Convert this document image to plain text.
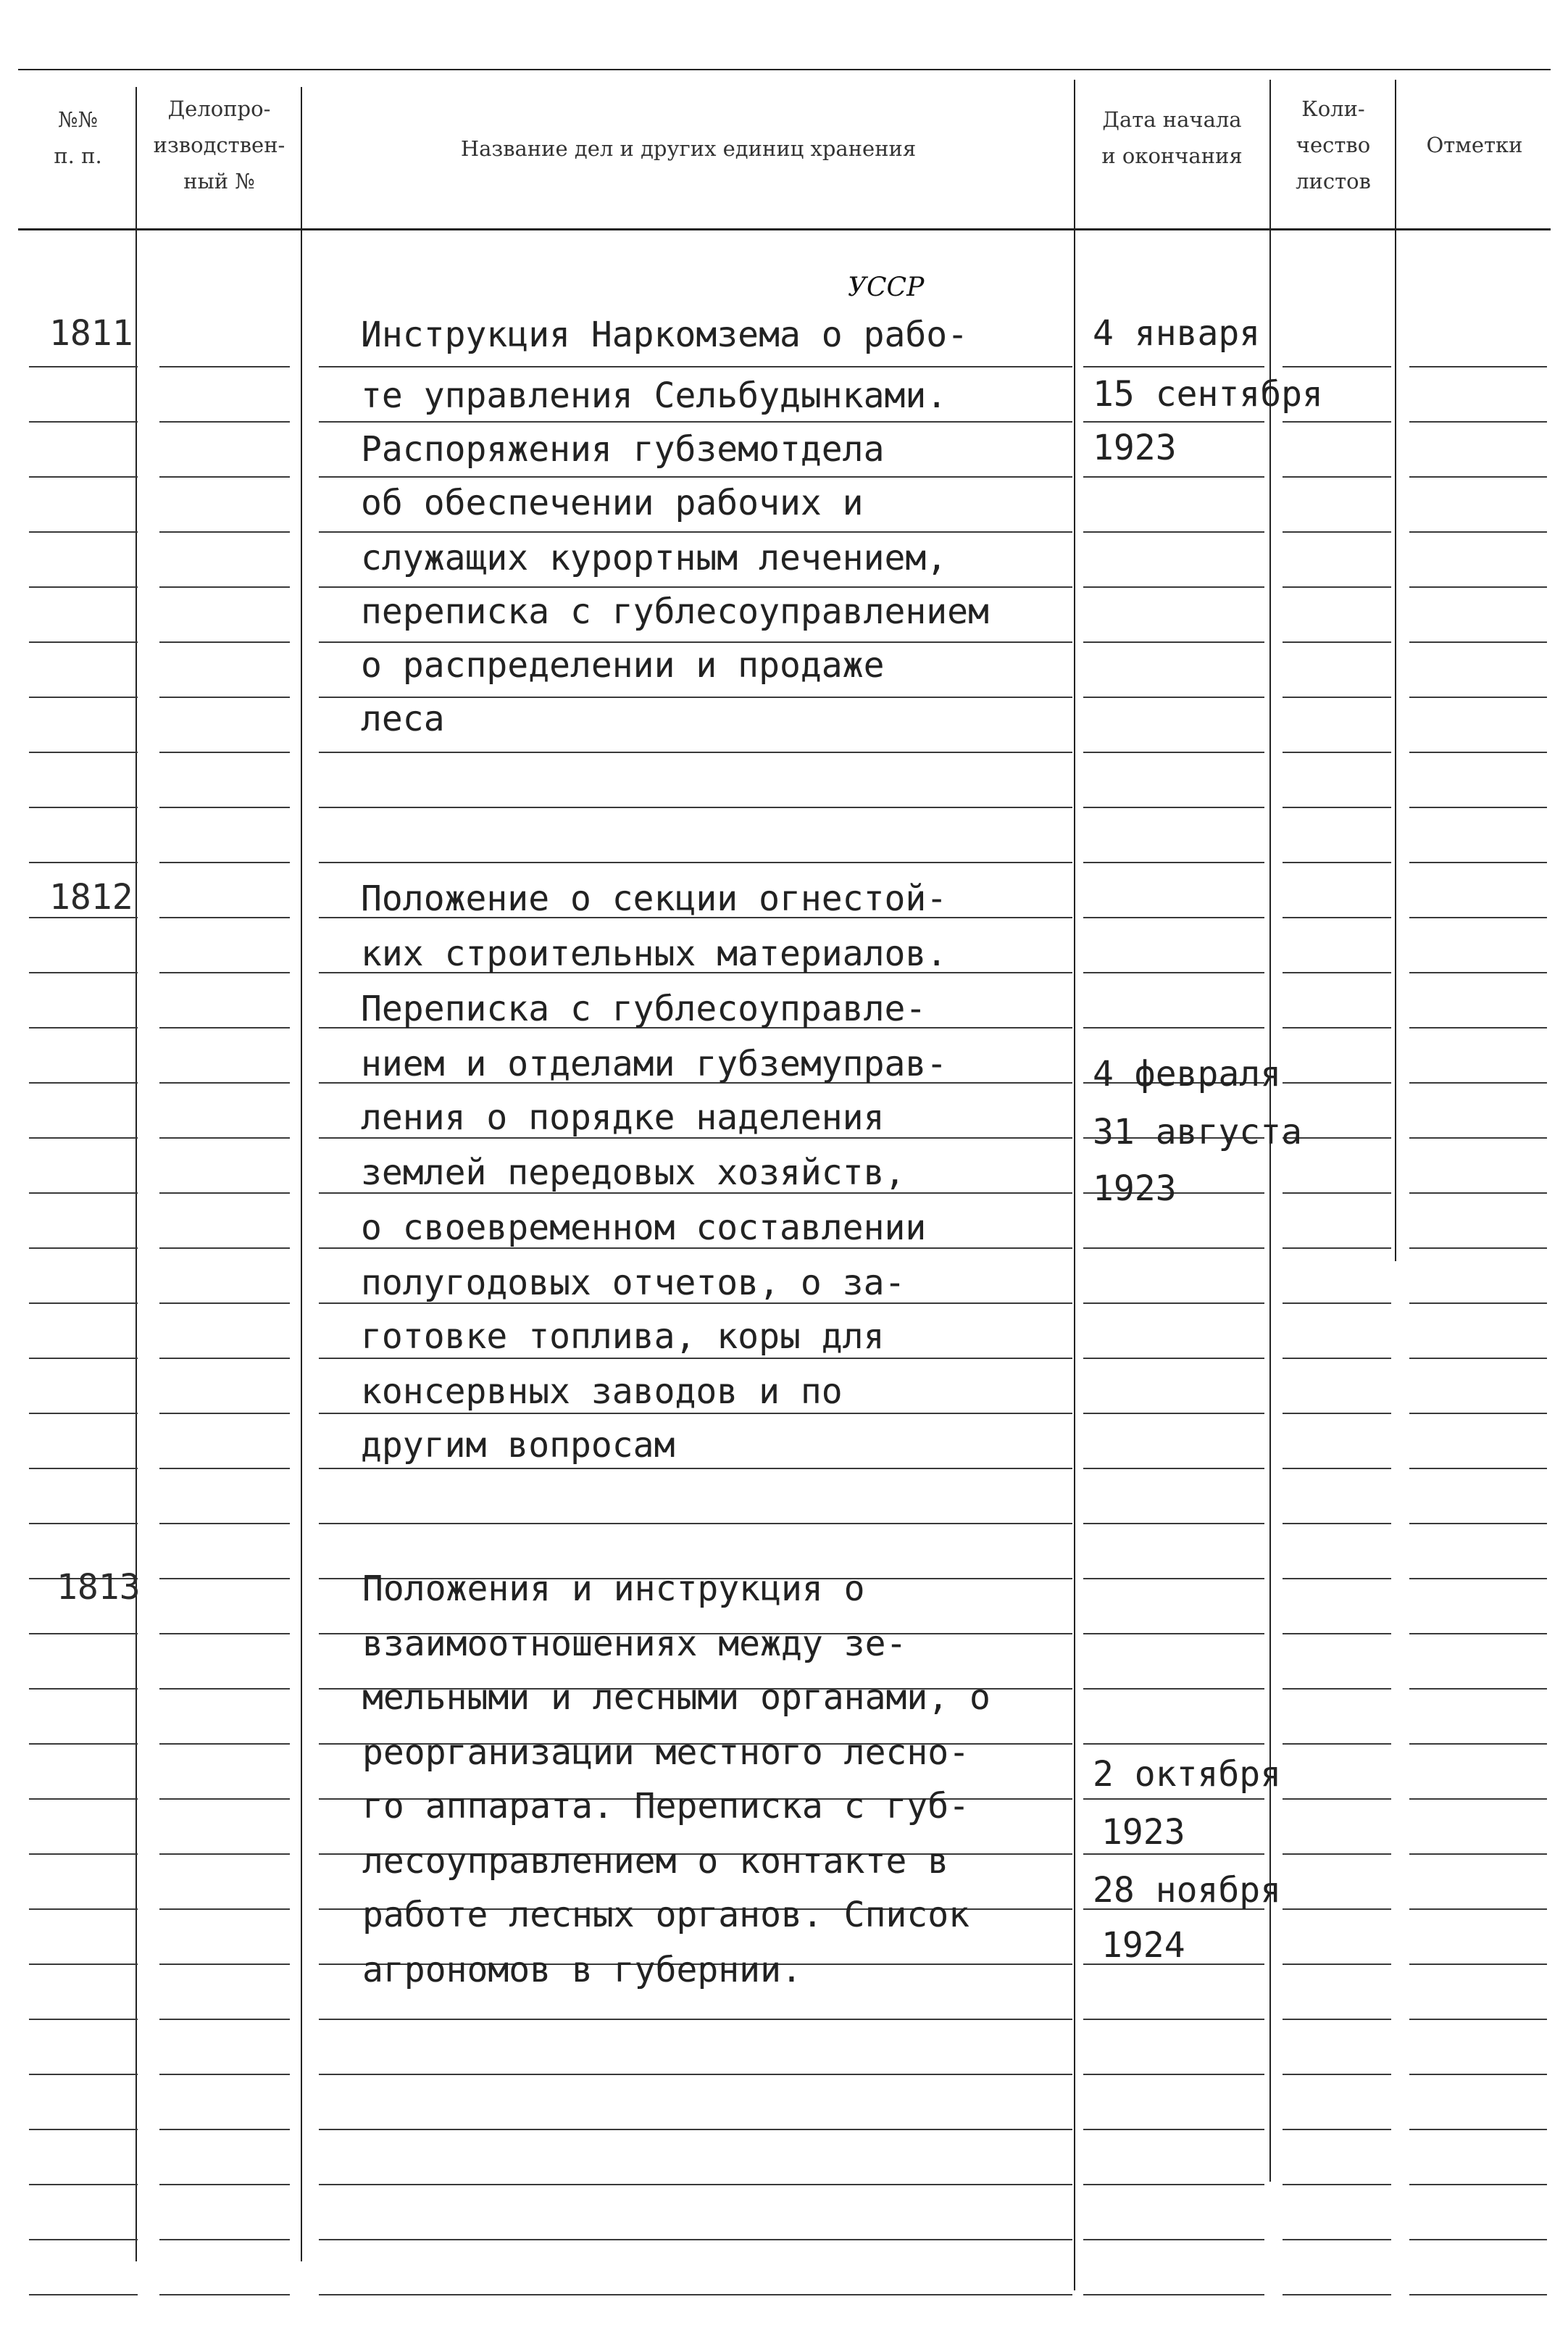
№№
п. п.
Делопро-
изводствен-
ный №
Название дел и других единиц хранения
Дата начала
и окончания
Коли-
чество
листов
Отметки
1811
УССР
Инструкция Наркомзема о рабо-
те управления Сельбудынками.
Распоряжения губземотдела
об обеспечении рабочих и
служащих курортным лечением,
переписка с гублесоуправлением
о распределении и продаже
леса
4 января
15 сентября
1923
1812	Положение о секции огнестой-
ких строительных материалов.
Переписка с гублесоуправле-
нием и отделами губземуправ-
ления о порядке наделения
землей передовых хозяйств,
о своевременном составлении
полугодовых отчетов, о за-
готовке топлива, коры для
консервных заводов и по
другим вопросам
4 февраля
31 августа
1923
1813	Положения и инструкция о
взаимоотношениях между зе-
мельными и лесными органами, о
реорганизации местного лесно-
го аппарата. Переписка с губ-
лесоуправлением о контакте в
работе лесных органов. Список
агрономов в губернии.
2 октября
1923
28 ноября
1924
